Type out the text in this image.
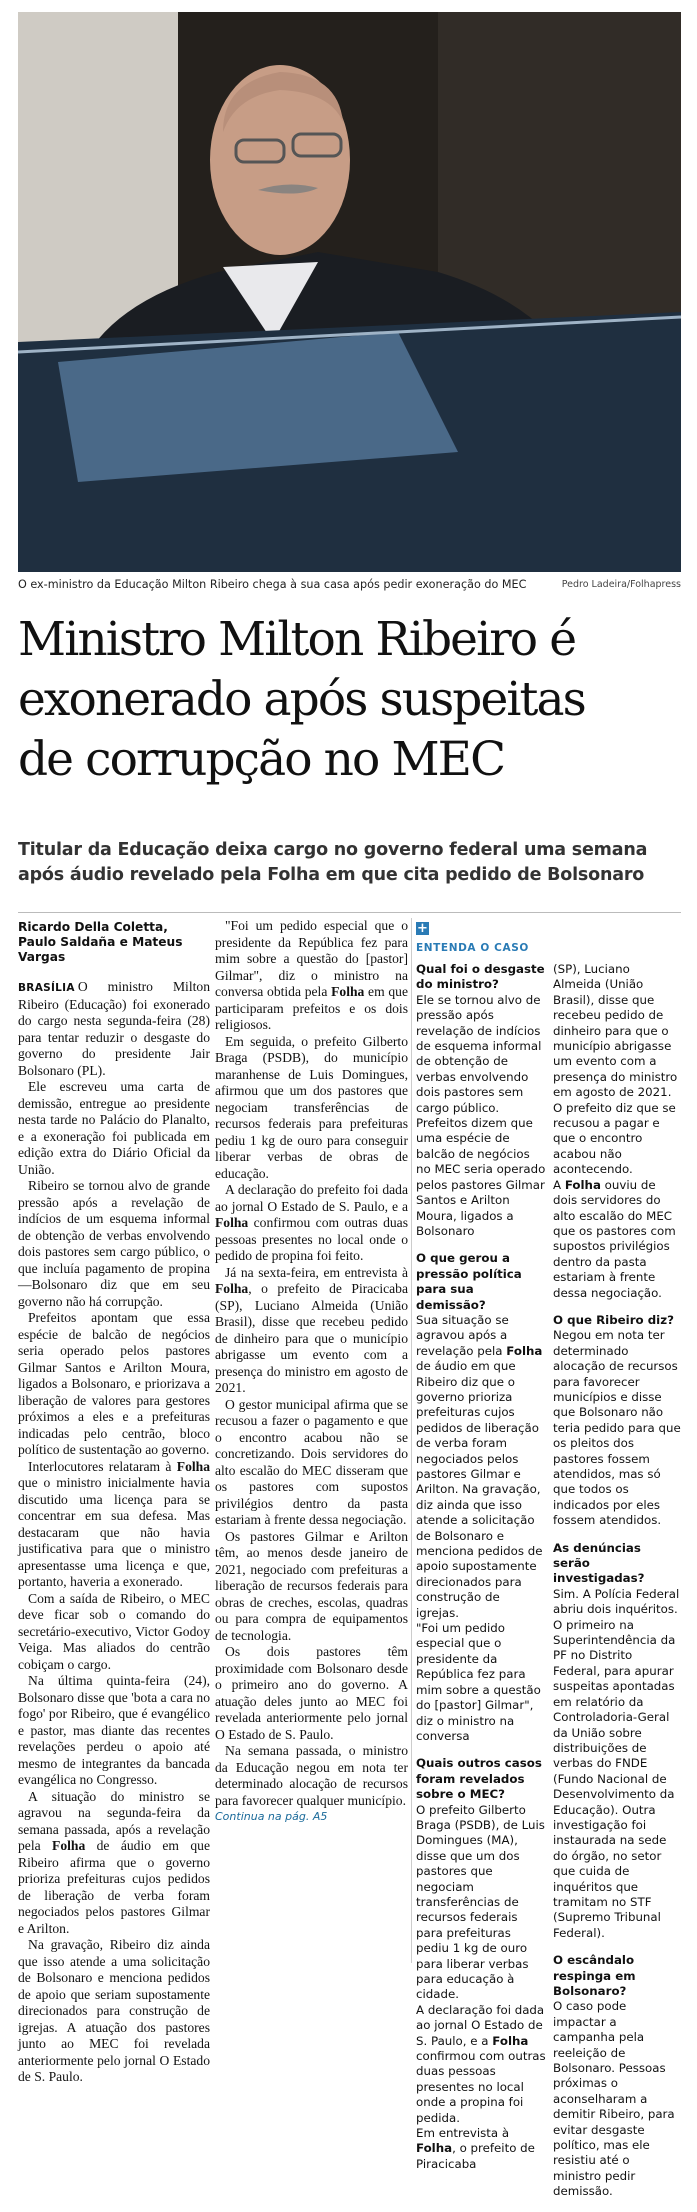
O ex-ministro da Educação Milton Ribeiro chega à sua casa após pedir exoneração do MEC	Pedro Ladeira/Folhapress
Ministro Milton Ribeiro é
exonerado após suspeitas
de corrupção no MEC
Titular da Educação deixa cargo no governo federal uma semana
após áudio revelado pela Folha em que cita pedido de Bolsonaro
Ricardo Della Coletta, Paulo Saldaña e Mateus Vargas

BRASÍLIA O ministro Milton Ribeiro (Educação) foi exonerado do cargo nesta segunda-feira (28) para tentar reduzir o desgaste do governo do presidente Jair Bolsonaro (PL).

Ele escreveu uma carta de demissão, entregue ao presidente nesta tarde no Palácio do Planalto, e a exoneração foi publicada em edição extra do Diário Oficial da União.

Ribeiro se tornou alvo de grande pressão após a revelação de indícios de um esquema informal de obtenção de verbas envolvendo dois pastores sem cargo público, o que incluía pagamento de propina —Bolsonaro diz que em seu governo não há corrupção.

Prefeitos apontam que essa espécie de balcão de negócios seria operado pelos pastores Gilmar Santos e Arilton Moura, ligados a Bolsonaro, e priorizava a liberação de valores para gestores próximos a eles e a prefeituras indicadas pelo centrão, bloco político de sustentação ao governo.

Interlocutores relataram à Folha que o ministro inicialmente havia discutido uma licença para se concentrar em sua defesa. Mas destacaram que não havia justificativa para que o ministro apresentasse uma licença e que, portanto, haveria a exonerado.

Com a saída de Ribeiro, o MEC deve ficar sob o comando do secretário-executivo, Victor Godoy Veiga. Mas aliados do centrão cobiçam o cargo.

Na última quinta-feira (24), Bolsonaro disse que 'bota a cara no fogo' por Ribeiro, que é evangélico e pastor, mas diante das recentes revelações perdeu o apoio até mesmo de integrantes da bancada evangélica no Congresso.

A situação do ministro se agravou na segunda-feira da semana passada, após a revelação pela Folha de áudio em que Ribeiro afirma que o governo prioriza prefeituras cujos pedidos de liberação de verba foram negociados pelos pastores Gilmar e Arilton.

Na gravação, Ribeiro diz ainda que isso atende a uma solicitação de Bolsonaro e menciona pedidos de apoio que seriam supostamente direcionados para construção de igrejas. A atuação dos pastores junto ao MEC foi revelada anteriormente pelo jornal O Estado de S. Paulo.

"Foi um pedido especial que o presidente da República fez para mim sobre a questão do [pastor] Gilmar", diz o ministro na conversa obtida pela Folha em que participaram prefeitos e os dois religiosos.

Em seguida, o prefeito Gilberto Braga (PSDB), do município maranhense de Luis Domingues, afirmou que um dos pastores que negociam transferências de recursos federais para prefeituras pediu 1 kg de ouro para conseguir liberar verbas de obras de educação.

A declaração do prefeito foi dada ao jornal O Estado de S. Paulo, e a Folha confirmou com outras duas pessoas presentes no local onde o pedido de propina foi feito.

Já na sexta-feira, em entrevista à Folha, o prefeito de Piracicaba (SP), Luciano Almeida (União Brasil), disse que recebeu pedido de dinheiro para que o município abrigasse um evento com a presença do ministro em agosto de 2021.

O gestor municipal afirma que se recusou a fazer o pagamento e que o encontro acabou não se concretizando. Dois servidores do alto escalão do MEC disseram que os pastores com supostos privilégios dentro da pasta estariam à frente dessa negociação.

Os pastores Gilmar e Arilton têm, ao menos desde janeiro de 2021, negociado com prefeituras a liberação de recursos federais para obras de creches, escolas, quadras ou para compra de equipamentos de tecnologia.

Os dois pastores têm proximidade com Bolsonaro desde o primeiro ano do governo. A atuação deles junto ao MEC foi revelada anteriormente pelo jornal O Estado de S. Paulo.

Na semana passada, o ministro da Educação negou em nota ter determinado alocação de recursos para favorecer qualquer município.

Continua na pág. A5

+
ENTENDA O CASO

Qual foi o desgaste do ministro?

Ele se tornou alvo de pressão após revelação de indícios de esquema informal de obtenção de verbas envolvendo dois pastores sem cargo público. Prefeitos dizem que uma espécie de balcão de negócios no MEC seria operado pelos pastores Gilmar Santos e Arilton Moura, ligados a Bolsonaro

O que gerou a pressão política para sua demissão?

Sua situação se agravou após a revelação pela Folha de áudio em que Ribeiro diz que o governo prioriza prefeituras cujos pedidos de liberação de verba foram negociados pelos pastores Gilmar e Arilton. Na gravação, diz ainda que isso atende a solicitação de Bolsonaro e menciona pedidos de apoio supostamente direcionados para construção de igrejas.

"Foi um pedido especial que o presidente da República fez para mim sobre a questão do [pastor] Gilmar", diz o ministro na conversa

Quais outros casos foram revelados sobre o MEC?

O prefeito Gilberto Braga (PSDB), de Luis Domingues (MA), disse que um dos pastores que negociam transferências de recursos federais para prefeituras pediu 1 kg de ouro para liberar verbas para educação à cidade.

A declaração foi dada ao jornal O Estado de S. Paulo, e a Folha confirmou com outras duas pessoas presentes no local onde a propina foi pedida.

Em entrevista à Folha, o prefeito de Piracicaba

(SP), Luciano Almeida (União Brasil), disse que recebeu pedido de dinheiro para que o município abrigasse um evento com a presença do ministro em agosto de 2021.

O prefeito diz que se recusou a pagar e que o encontro acabou não acontecendo.

A Folha ouviu de dois servidores do alto escalão do MEC que os pastores com supostos privilégios dentro da pasta estariam à frente dessa negociação.

O que Ribeiro diz?

Negou em nota ter determinado alocação de recursos para favorecer municípios e disse que Bolsonaro não teria pedido para que os pleitos dos pastores fossem atendidos, mas só que todos os indicados por eles fossem atendidos.

As denúncias serão investigadas?

Sim. A Polícia Federal abriu dois inquéritos. O primeiro na Superintendência da PF no Distrito Federal, para apurar suspeitas apontadas em relatório da Controladoria-Geral da União sobre distribuições de verbas do FNDE (Fundo Nacional de Desenvolvimento da Educação). Outra investigação foi instaurada na sede do órgão, no setor que cuida de inquéritos que tramitam no STF (Supremo Tribunal Federal).

O escândalo respinga em Bolsonaro?

O caso pode impactar a campanha pela reeleição de Bolsonaro. Pessoas próximas o aconselharam a demitir Ribeiro, para evitar desgaste político, mas ele resistiu até o ministro pedir demissão.
